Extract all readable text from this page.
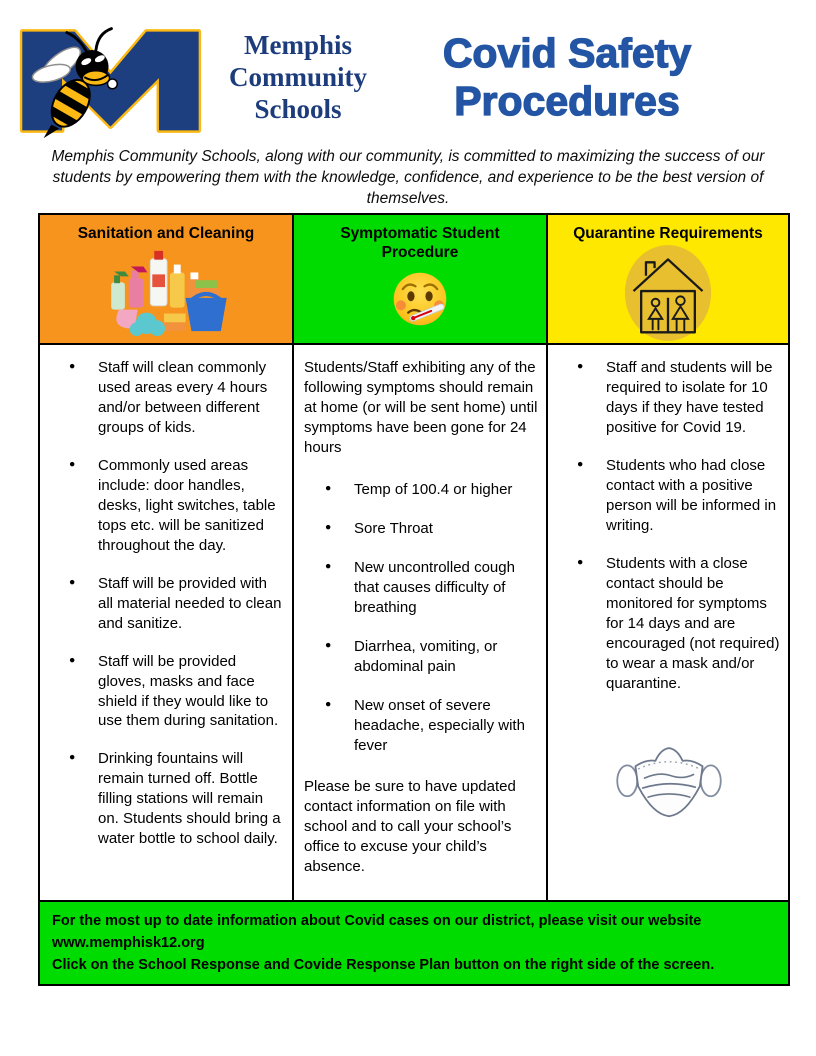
Memphis
Community
Schools
Covid Safety
Procedures
Memphis Community Schools, along with our community, is committed to maximizing the success of our students by empowering them with the knowledge, confidence, and experience to be the best version of themselves.
Sanitation and Cleaning	Symptomatic Student Procedure
Quarantine Requirements
● Staff will clean commonly used areas every 4 hours and/or between different groups of kids.
● Commonly used areas include: door handles, desks, light switches, table tops etc. will be sanitized throughout the day.
● Staff will be provided with all material needed to clean and sanitize.
● Staff will be provided gloves, masks and face shield if they would like to use them during sanitation.
● Drinking fountains will remain turned off. Bottle filling stations will remain on. Students should bring a water bottle to school daily.

Students/Staff exhibiting any of the following symptoms should remain at home (or will be sent home) until symptoms have been gone for 24 hours

● Temp of 100.4 or higher
● Sore Throat
● New uncontrolled cough that causes difficulty of breathing
● Diarrhea, vomiting, or abdominal pain
● New onset of severe headache, especially with fever

Please be sure to have updated contact information on file with school and to call your school’s office to excuse your child’s absence.

● Staff and students will be required to isolate for 10 days if they have tested positive for Covid 19.
● Students who had close contact with a positive person will be informed in writing.
● Students with a close contact should be monitored for symptoms for 14 days and are encouraged (not required) to wear a mask and/or quarantine.
For the most up to date information about Covid cases on our district, please visit our website
www.memphisk12.org
Click on the School Response and Covide Response Plan button on the right side of the screen.
